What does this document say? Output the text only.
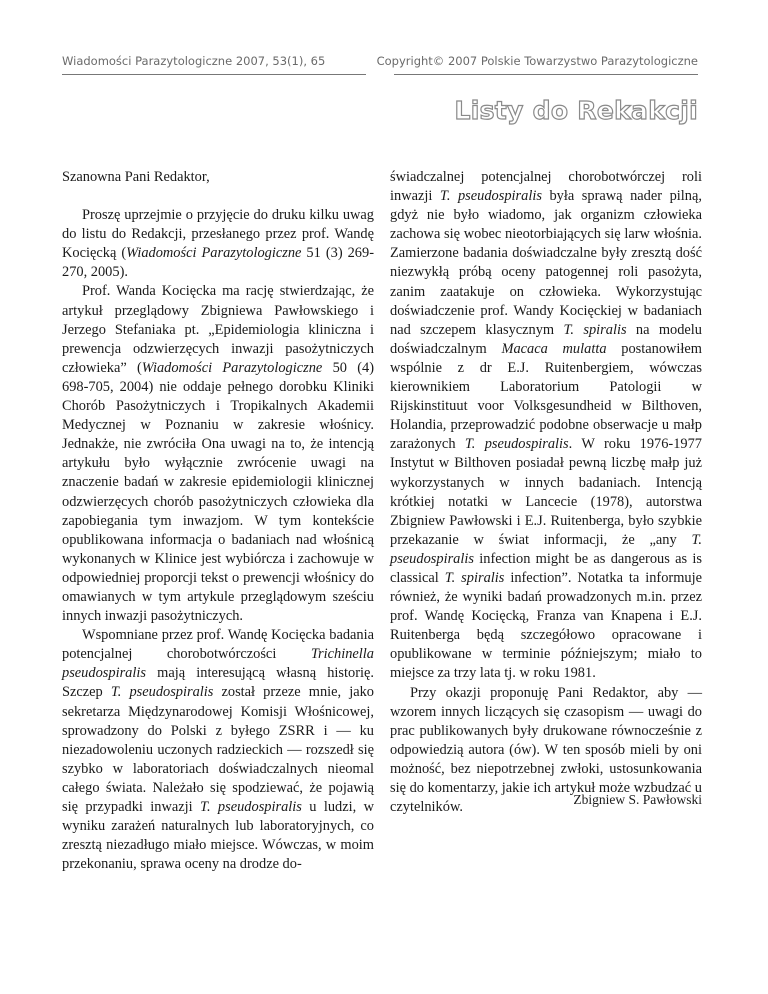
Wiadomości Parazytologiczne 2007, 53(1), 65	Copyright© 2007 Polskie Towarzystwo Parazytologiczne
Listy do Rekakcji

Szanowna Pani Redaktor,

Proszę uprzejmie o przyjęcie do druku kilku uwag do listu do Redakcji, przesłanego przez prof. Wandę Kocięcką (Wiadomości Parazytologiczne 51 (3) 269-270, 2005).

Prof. Wanda Kocięcka ma rację stwierdzając, że artykuł przeglądowy Zbigniewa Pawłowskiego i Jerzego Stefaniaka pt. „Epidemiologia kliniczna i prewencja odzwierzęcych inwazji pasożytniczych człowieka” (Wiadomości Parazytologiczne 50 (4) 698-705, 2004) nie oddaje pełnego dorobku Kliniki Chorób Pasożytniczych i Tropikalnych Akademii Medycznej w Poznaniu w zakresie włośnicy. Jednakże, nie zwróciła Ona uwagi na to, że intencją artykułu było wyłącznie zwrócenie uwagi na znaczenie badań w zakresie epidemiologii klinicznej odzwierzęcych chorób pasożytniczych człowieka dla zapobiegania tym inwazjom. W tym kontekście opublikowana informacja o badaniach nad włośnicą wykonanych w Klinice jest wybiórcza i zachowuje w odpowiedniej proporcji tekst o prewencji włośnicy do omawianych w tym artykule przeglądowym sześciu innych inwazji pasożytniczych.

Wspomniane przez prof. Wandę Kocięcka badania potencjalnej chorobotwórczości Trichinella pseudospiralis mają interesującą własną historię. Szczep T. pseudospiralis został przeze mnie, jako sekretarza Międzynarodowej Komisji Włośnicowej, sprowadzony do Polski z byłego ZSRR i — ku niezadowoleniu uczonych radzieckich — rozszedł się szybko w laboratoriach doświadczalnych nieomal całego świata. Należało się spodziewać, że pojawią się przypadki inwazji T. pseudospiralis u ludzi, w wyniku zarażeń naturalnych lub laboratoryjnych, co zresztą niezadługo miało miejsce. Wówczas, w moim przekonaniu, sprawa oceny na drodze do-

świadczalnej potencjalnej chorobotwórczej roli inwazji T. pseudospiralis była sprawą nader pilną, gdyż nie było wiadomo, jak organizm człowieka zachowa się wobec nieotorbiających się larw włośnia. Zamierzone badania doświadczalne były zresztą dość niezwykłą próbą oceny patogennej roli pasożyta, zanim zaatakuje on człowieka. Wykorzystując doświadczenie prof. Wandy Kocięckiej w badaniach nad szczepem klasycznym T. spiralis na modelu doświadczalnym Macaca mulatta postanowiłem wspólnie z dr E.J. Ruitenbergiem, wówczas kierownikiem Laboratorium Patologii w Rijskinstituut voor Volksgesundheid w Bilthoven, Holandia, przeprowadzić podobne obserwacje u małp zarażonych T. pseudospiralis. W roku 1976-1977 Instytut w Bilthoven posiadał pewną liczbę małp już wykorzystanych w innych badaniach. Intencją krótkiej notatki w Lancecie (1978), autorstwa Zbigniew Pawłowski i E.J. Ruitenberga, było szybkie przekazanie w świat informacji, że „any T. pseudospiralis infection might be as dangerous as is classical T. spiralis infection”. Notatka ta informuje również, że wyniki badań prowadzonych m.in. przez prof. Wandę Kocięcką, Franza van Knapena i E.J. Ruitenberga będą szczegółowo opracowane i opublikowane w terminie późniejszym; miało to miejsce za trzy lata tj. w roku 1981.

Przy okazji proponuję Pani Redaktor, aby — wzorem innych liczących się czasopism — uwagi do prac publikowanych były drukowane równocześnie z odpowiedzią autora (ów). W ten sposób mieli by oni możność, bez niepotrzebnej zwłoki, ustosunkowania się do komentarzy, jakie ich artykuł może wzbudzać u czytelników.	Zbigniew S. Pawłowski
